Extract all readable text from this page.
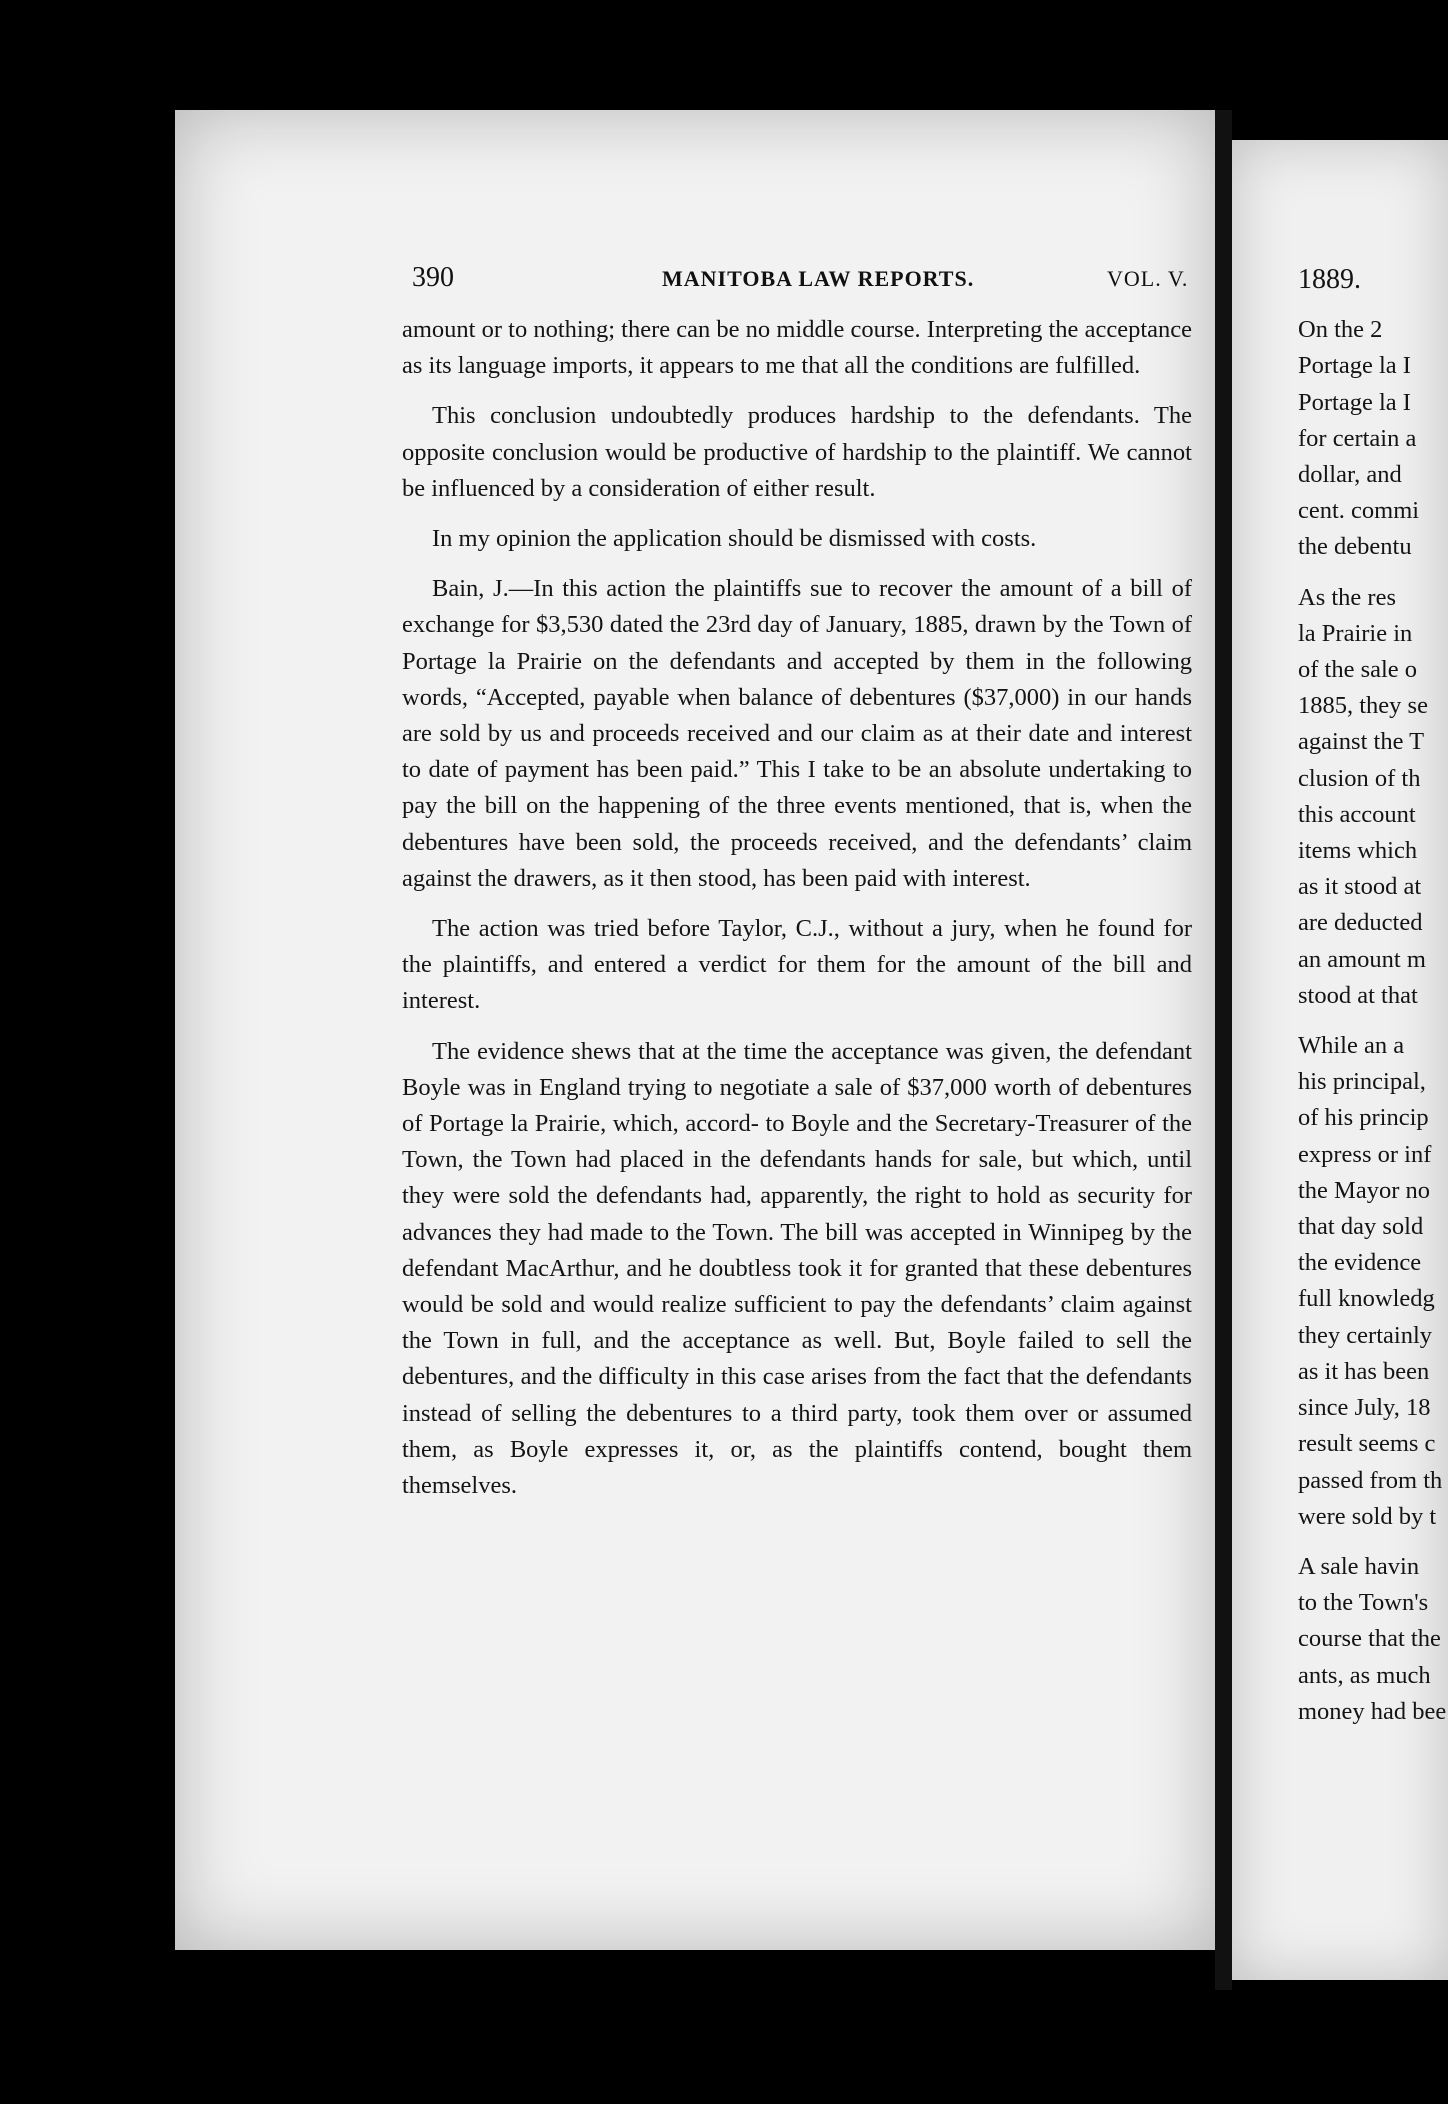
390	MANITOBA LAW REPORTS.	VOL. V.

amount or to nothing; there can be no middle course. Interpreting the acceptance as its language imports, it appears to me that all the conditions are fulfilled.

This conclusion undoubtedly produces hardship to the defendants. The opposite conclusion would be productive of hardship to the plaintiff. We cannot be influenced by a consideration of either result.

In my opinion the application should be dismissed with costs.

Bain, J.—In this action the plaintiffs sue to recover the amount of a bill of exchange for $3,530 dated the 23rd day of January, 1885, drawn by the Town of Portage la Prairie on the defendants and accepted by them in the following words, “Accepted, payable when balance of debentures ($37,000) in our hands are sold by us and proceeds received and our claim as at their date and interest to date of payment has been paid.” This I take to be an absolute undertaking to pay the bill on the happening of the three events mentioned, that is, when the debentures have been sold, the proceeds received, and the defendants’ claim against the drawers, as it then stood, has been paid with interest.

The action was tried before Taylor, C.J., without a jury, when he found for the plaintiffs, and entered a verdict for them for the amount of the bill and interest.

The evidence shews that at the time the acceptance was given, the defendant Boyle was in England trying to negotiate a sale of $37,000 worth of debentures of Portage la Prairie, which, accord- to Boyle and the Secretary-Treasurer of the Town, the Town had placed in the defendants hands for sale, but which, until they were sold the defendants had, apparently, the right to hold as security for advances they had made to the Town. The bill was accepted in Winnipeg by the defendant MacArthur, and he doubtless took it for granted that these debentures would be sold and would realize sufficient to pay the defendants’ claim against the Town in full, and the acceptance as well. But, Boyle failed to sell the debentures, and the difficulty in this case arises from the fact that the defendants instead of selling the debentures to a third party, took them over or assumed them, as Boyle expresses it, or, as the plaintiffs contend, bought them themselves.

1889.
On the 2
Portage la I
Portage la I
for certain a
dollar, and
cent. commi
the debentu
As the res
la Prairie in
of the sale o
1885, they se
against the T
clusion of th
this account
items which
as it stood at
are deducted
an amount m
stood at that
While an a
his principal,
of his princip
express or inf
the Mayor no
that day sold
the evidence
full knowledg
they certainly
as it has been
since July, 18
result seems c
passed from th
were sold by t
A sale havin
to the Town's
course that the
ants, as much
money had bee
